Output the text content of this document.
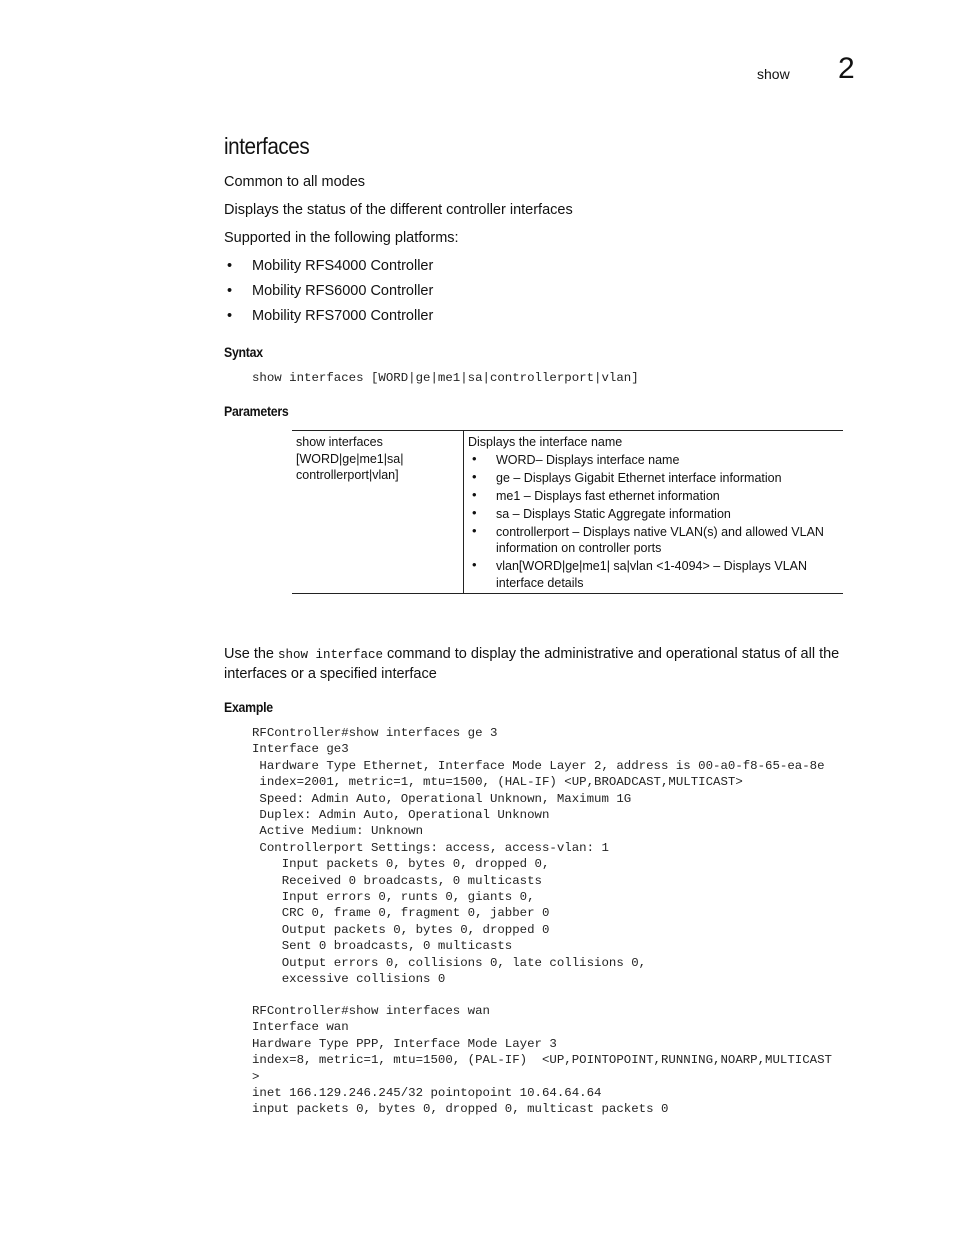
show 2
interfaces

Common to all modes

Displays the status of the different controller interfaces

Supported in the following platforms:

• Mobility RFS4000 Controller
• Mobility RFS6000 Controller
• Mobility RFS7000 Controller
Syntax
show interfaces [WORD|ge|me1|sa|controllerport|vlan]
Parameters
show interfaces [WORD|ge|me1|sa| controllerport|vlan]
Displays the interface name
• WORD– Displays interface name
• ge – Displays Gigabit Ethernet interface information
• me1 – Displays fast ethernet information
• sa – Displays Static Aggregate information
• controllerport – Displays native VLAN(s) and allowed VLAN information on controller ports
• vlan[WORD|ge|me1| sa|vlan <1-4094> – Displays VLAN interface details

Use the show interface command to display the administrative and operational status of all the interfaces or a specified interface

Example
RFController#show interfaces ge 3
Interface ge3
Hardware Type Ethernet, Interface Mode Layer 2, address is 00-a0-f8-65-ea-8e
index=2001, metric=1, mtu=1500, (HAL-IF) <UP,BROADCAST,MULTICAST>
Speed: Admin Auto, Operational Unknown, Maximum 1G
Duplex: Admin Auto, Operational Unknown
Active Medium: Unknown
Controllerport Settings: access, access-vlan: 1
Input packets 0, bytes 0, dropped 0,
Received 0 broadcasts, 0 multicasts
Input errors 0, runts 0, giants 0,
CRC 0, frame 0, fragment 0, jabber 0
Output packets 0, bytes 0, dropped 0
Sent 0 broadcasts, 0 multicasts
Output errors 0, collisions 0, late collisions 0,
excessive collisions 0
RFController#show interfaces wan
Interface wan
Hardware Type PPP, Interface Mode Layer 3
index=8, metric=1, mtu=1500, (PAL-IF)  <UP,POINTOPOINT,RUNNING,NOARP,MULTICAST
>
inet 166.129.246.245/32 pointopoint 10.64.64.64
input packets 0, bytes 0, dropped 0, multicast packets 0
